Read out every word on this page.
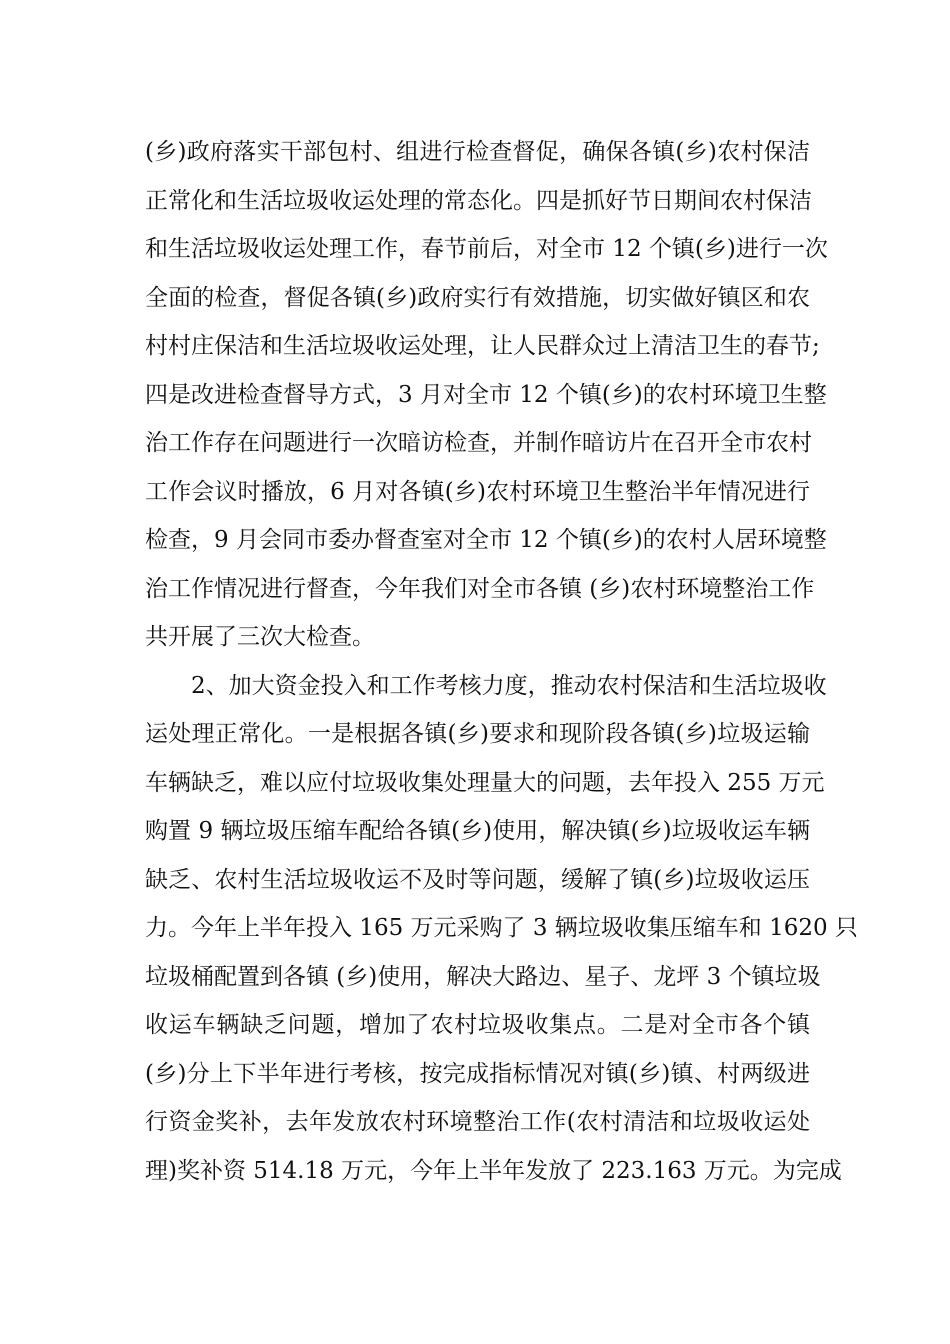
(乡)政府落实干部包村、组进行检查督促，确保各镇(乡)农村保洁
正常化和生活垃圾收运处理的常态化。四是抓好节日期间农村保洁
和生活垃圾收运处理工作，春节前后，对全市 12 个镇(乡)进行一次
全面的检查，督促各镇(乡)政府实行有效措施，切实做好镇区和农
村村庄保洁和生活垃圾收运处理，让人民群众过上清洁卫生的春节;
四是改进检查督导方式，3 月对全市 12 个镇(乡)的农村环境卫生整
治工作存在问题进行一次暗访检查，并制作暗访片在召开全市农村
工作会议时播放，6 月对各镇(乡)农村环境卫生整治半年情况进行
检查，9 月会同市委办督查室对全市 12 个镇(乡)的农村人居环境整
治工作情况进行督查，今年我们对全市各镇 (乡)农村环境整治工作
共开展了三次大检查。
2、加大资金投入和工作考核力度，推动农村保洁和生活垃圾收
运处理正常化。一是根据各镇(乡)要求和现阶段各镇(乡)垃圾运输
车辆缺乏，难以应付垃圾收集处理量大的问题，去年投入 255 万元
购置 9 辆垃圾压缩车配给各镇(乡)使用，解决镇(乡)垃圾收运车辆
缺乏、农村生活垃圾收运不及时等问题，缓解了镇(乡)垃圾收运压
力。今年上半年投入 165 万元采购了 3 辆垃圾收集压缩车和 1620 只
垃圾桶配置到各镇 (乡)使用，解决大路边、星子、龙坪 3 个镇垃圾
收运车辆缺乏问题，增加了农村垃圾收集点。二是对全市各个镇
(乡)分上下半年进行考核，按完成指标情况对镇(乡)镇、村两级进
行资金奖补，去年发放农村环境整治工作(农村清洁和垃圾收运处
理)奖补资 514.18 万元，今年上半年发放了 223.163 万元。为完成
